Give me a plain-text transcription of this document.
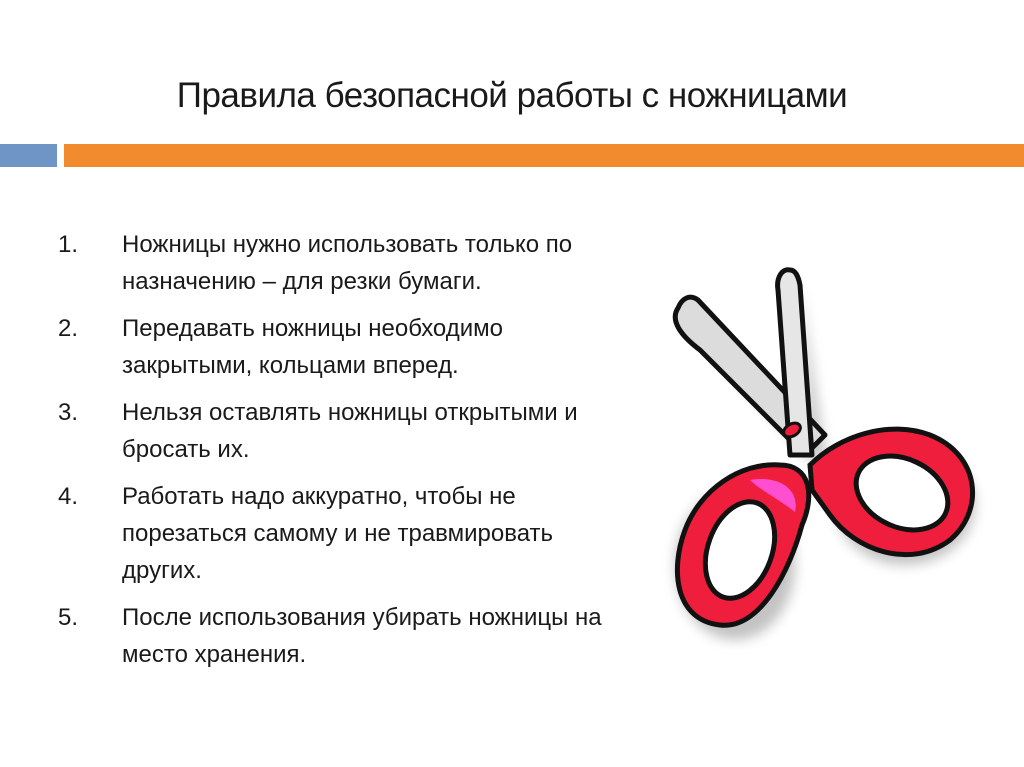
Правила безопасной работы с ножницами
1.	Ножницы нужно использовать только по назначению – для резки бумаги.
2.	Передавать ножницы необходимо закрытыми, кольцами вперед.
3.	Нельзя оставлять ножницы открытыми и бросать их.
4.	Работать надо аккуратно, чтобы не порезаться самому и не травмировать других.
5.	После использования убирать ножницы на место хранения.
